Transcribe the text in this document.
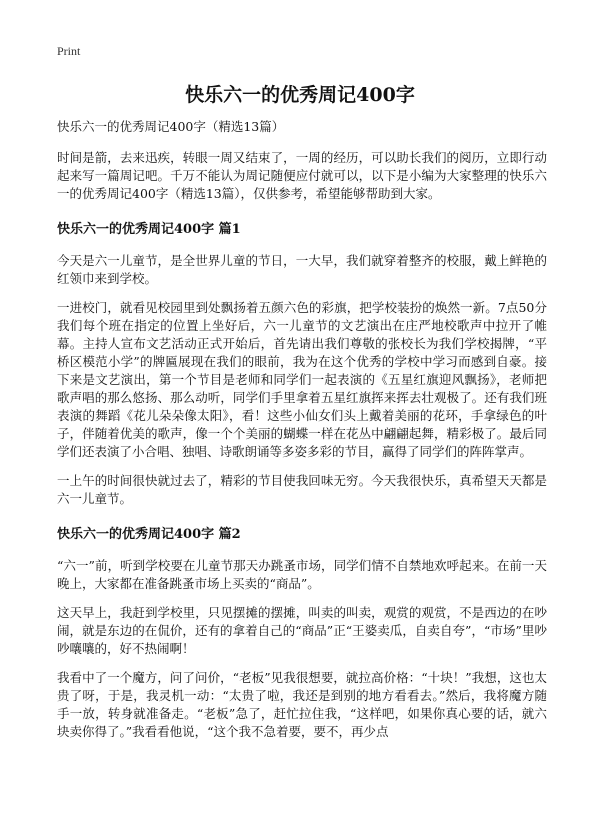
Print
快乐六一的优秀周记400字

快乐六一的优秀周记400字（精选13篇）

时间是箭，去来迅疾，转眼一周又结束了，一周的经历，可以助长我们的阅历，立即行动起来写一篇周记吧。千万不能认为周记随便应付就可以，以下是小编为大家整理的快乐六一的优秀周记400字（精选13篇），仅供参考，希望能够帮助到大家。

快乐六一的优秀周记400字 篇1

今天是六一儿童节，是全世界儿童的节日，一大早，我们就穿着整齐的校服，戴上鲜艳的红领巾来到学校。

一进校门，就看见校园里到处飘扬着五颜六色的彩旗，把学校装扮的焕然一新。7点50分我们每个班在指定的位置上坐好后，六一儿童节的文艺演出在庄严地校歌声中拉开了帷幕。主持人宣布文艺活动正式开始后，首先请出我们尊敬的张校长为我们学校揭牌，“平桥区模范小学”的牌匾展现在我们的眼前，我为在这个优秀的学校中学习而感到自豪。接下来是文艺演出，第一个节目是老师和同学们一起表演的《五星红旗迎风飘扬》，老师把歌声唱的那么悠扬、那么动听，同学们手里拿着五星红旗挥来挥去壮观极了。还有我们班表演的舞蹈《花儿朵朵像太阳》，看！这些小仙女们头上戴着美丽的花环，手拿绿色的叶子，伴随着优美的歌声，像一个个美丽的蝴蝶一样在花丛中翩翩起舞，精彩极了。最后同学们还表演了小合唱、独唱、诗歌朗诵等多姿多彩的节目，赢得了同学们的阵阵掌声。

一上午的时间很快就过去了，精彩的节目使我回味无穷。今天我很快乐，真希望天天都是六一儿童节。

快乐六一的优秀周记400字 篇2

“六一”前，听到学校要在儿童节那天办跳蚤市场，同学们情不自禁地欢呼起来。在前一天晚上，大家都在准备跳蚤市场上买卖的“商品”。

这天早上，我赶到学校里，只见摆摊的摆摊，叫卖的叫卖，观赏的观赏，不是西边的在吵闹，就是东边的在侃价，还有的拿着自己的“商品”正“王婆卖瓜，自卖自夸”，“市场”里吵吵嚷嚷的，好不热闹啊！

我看中了一个魔方，问了问价，“老板”见我很想要，就拉高价格：“十块！”我想，这也太贵了呀，于是，我灵机一动：“太贵了啦，我还是到别的地方看看去。”然后，我将魔方随手一放，转身就准备走。“老板”急了，赶忙拉住我，“这样吧，如果你真心要的话，就六块卖你得了。”我看看他说，“这个我不急着要，要不，再少点
